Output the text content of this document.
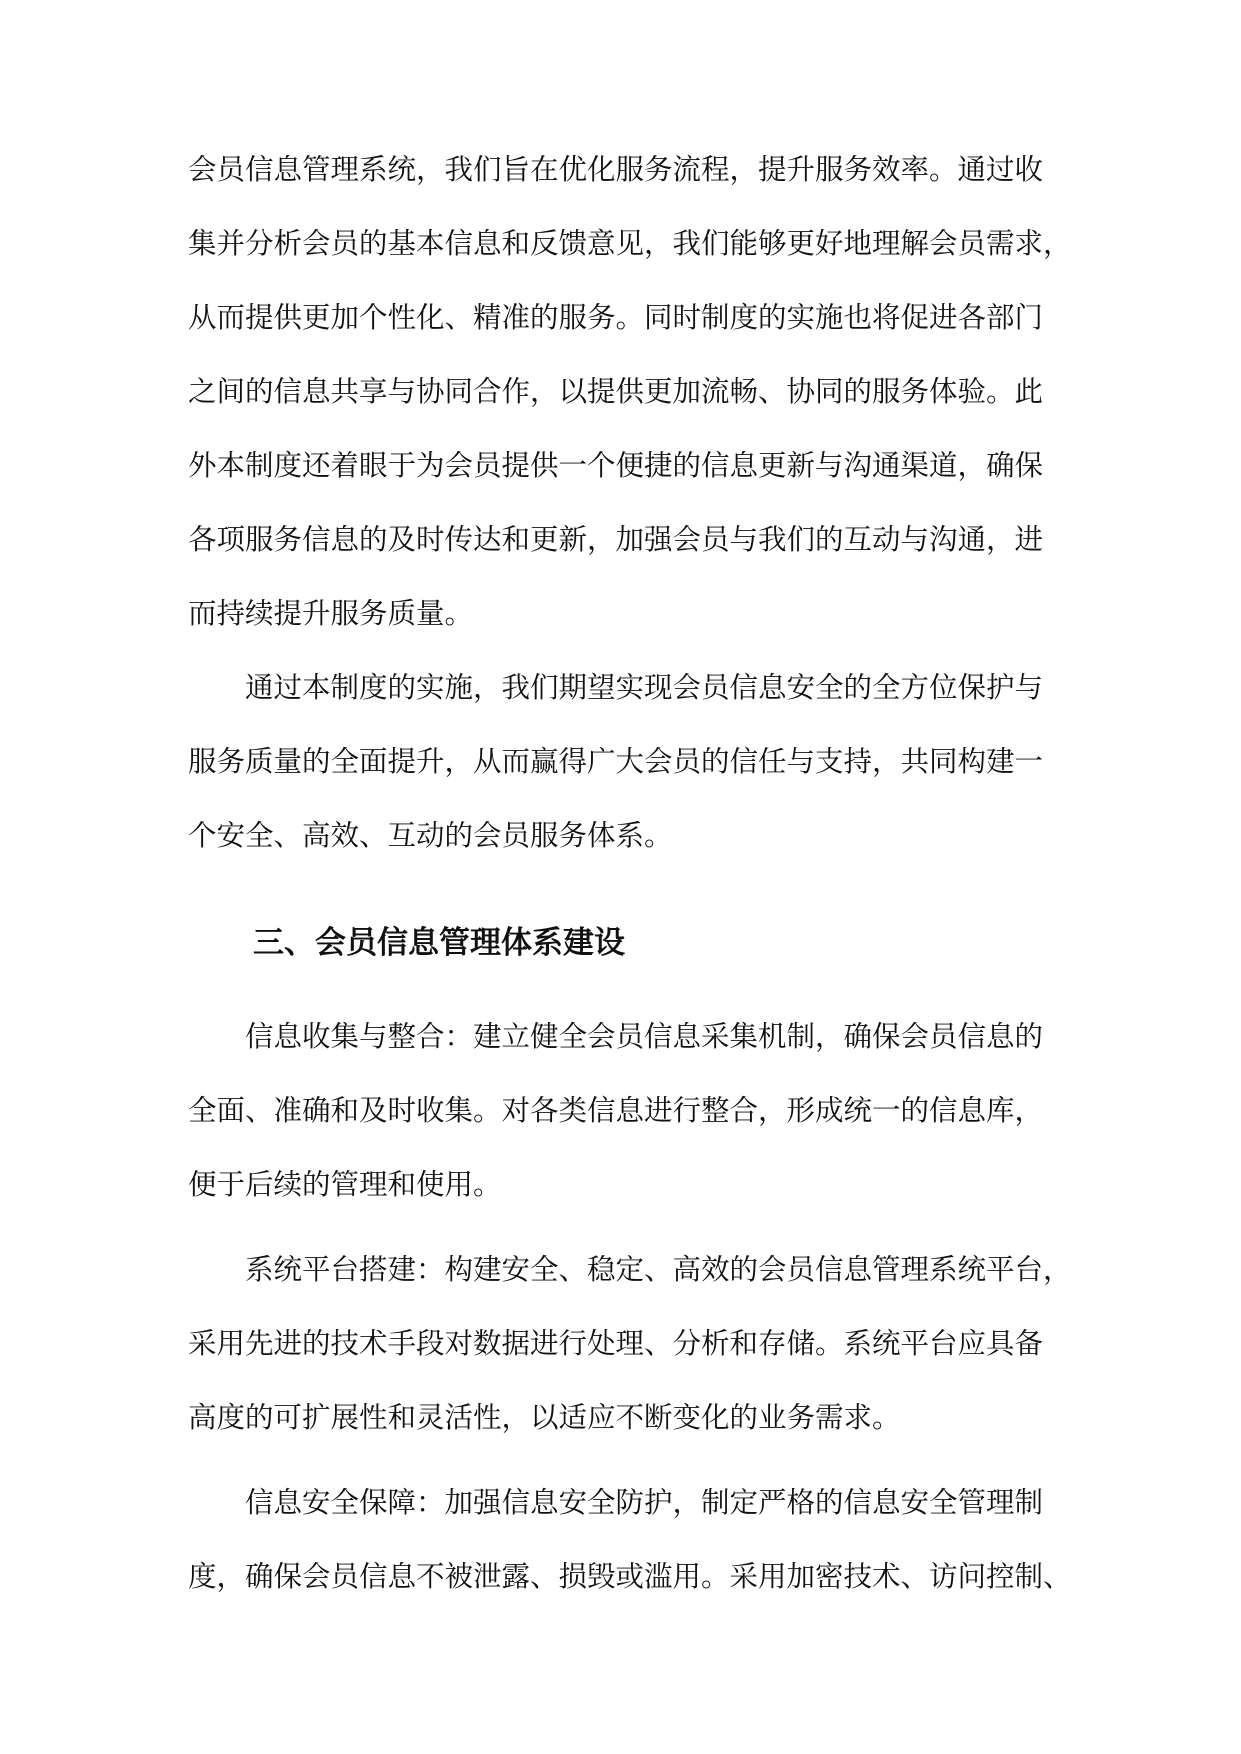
会员信息管理系统，我们旨在优化服务流程，提升服务效率。通过收
集并分析会员的基本信息和反馈意见，我们能够更好地理解会员需求，
从而提供更加个性化、精准的服务。同时制度的实施也将促进各部门
之间的信息共享与协同合作，以提供更加流畅、协同的服务体验。此
外本制度还着眼于为会员提供一个便捷的信息更新与沟通渠道，确保
各项服务信息的及时传达和更新，加强会员与我们的互动与沟通，进
而持续提升服务质量。
通过本制度的实施，我们期望实现会员信息安全的全方位保护与
服务质量的全面提升，从而赢得广大会员的信任与支持，共同构建一
个安全、高效、互动的会员服务体系。
三、会员信息管理体系建设
信息收集与整合：建立健全会员信息采集机制，确保会员信息的
全面、准确和及时收集。对各类信息进行整合，形成统一的信息库，
便于后续的管理和使用。
系统平台搭建：构建安全、稳定、高效的会员信息管理系统平台，
采用先进的技术手段对数据进行处理、分析和存储。系统平台应具备
高度的可扩展性和灵活性，以适应不断变化的业务需求。
信息安全保障：加强信息安全防护，制定严格的信息安全管理制
度，确保会员信息不被泄露、损毁或滥用。采用加密技术、访问控制、
